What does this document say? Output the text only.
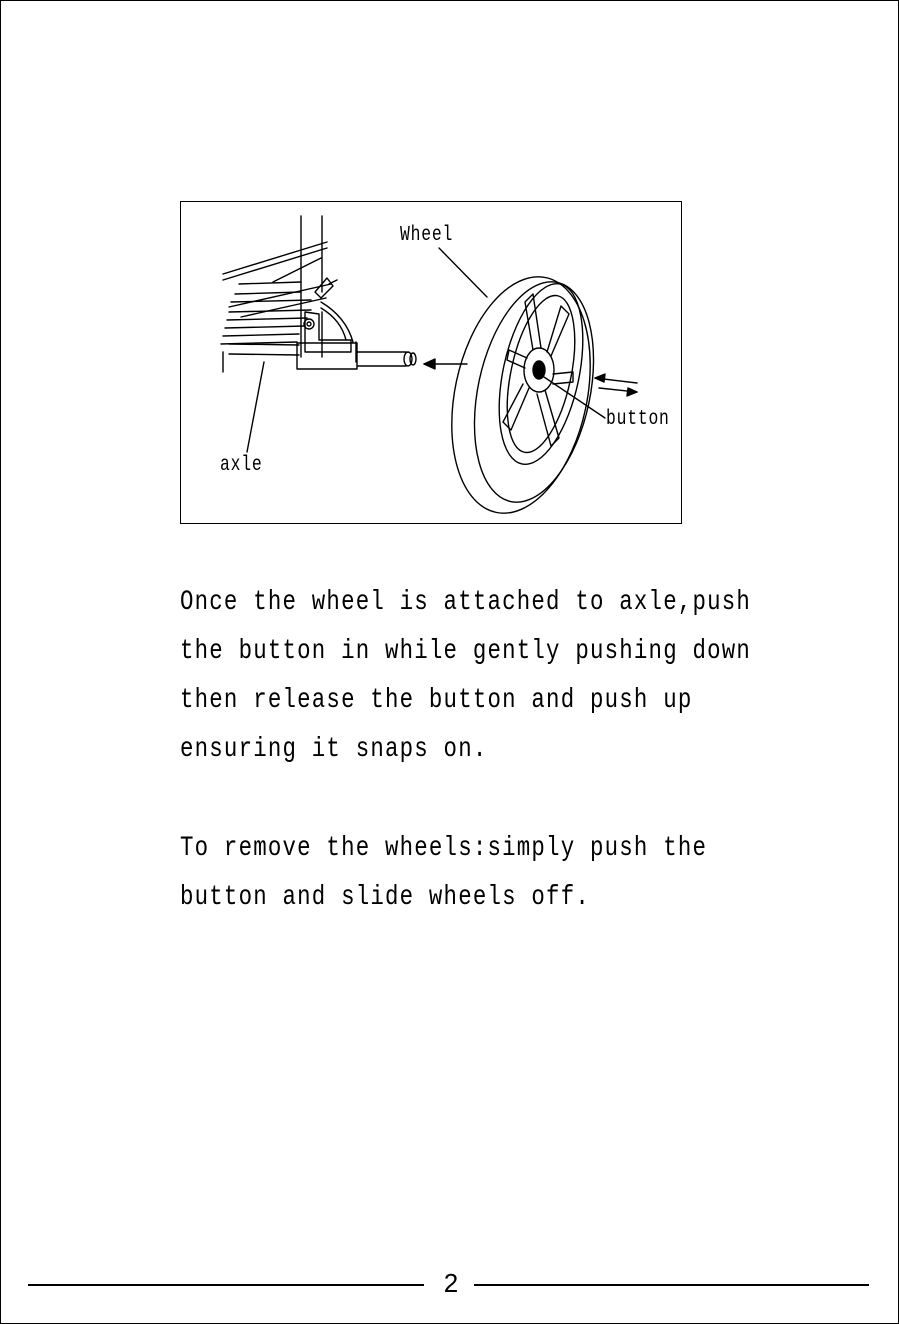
Wheel
button
axle
Once the wheel is attached to axle,push
the button in while gently pushing down
then release the button and push up
ensuring it snaps on.
To remove the wheels:simply push the
button and slide wheels off.
2
